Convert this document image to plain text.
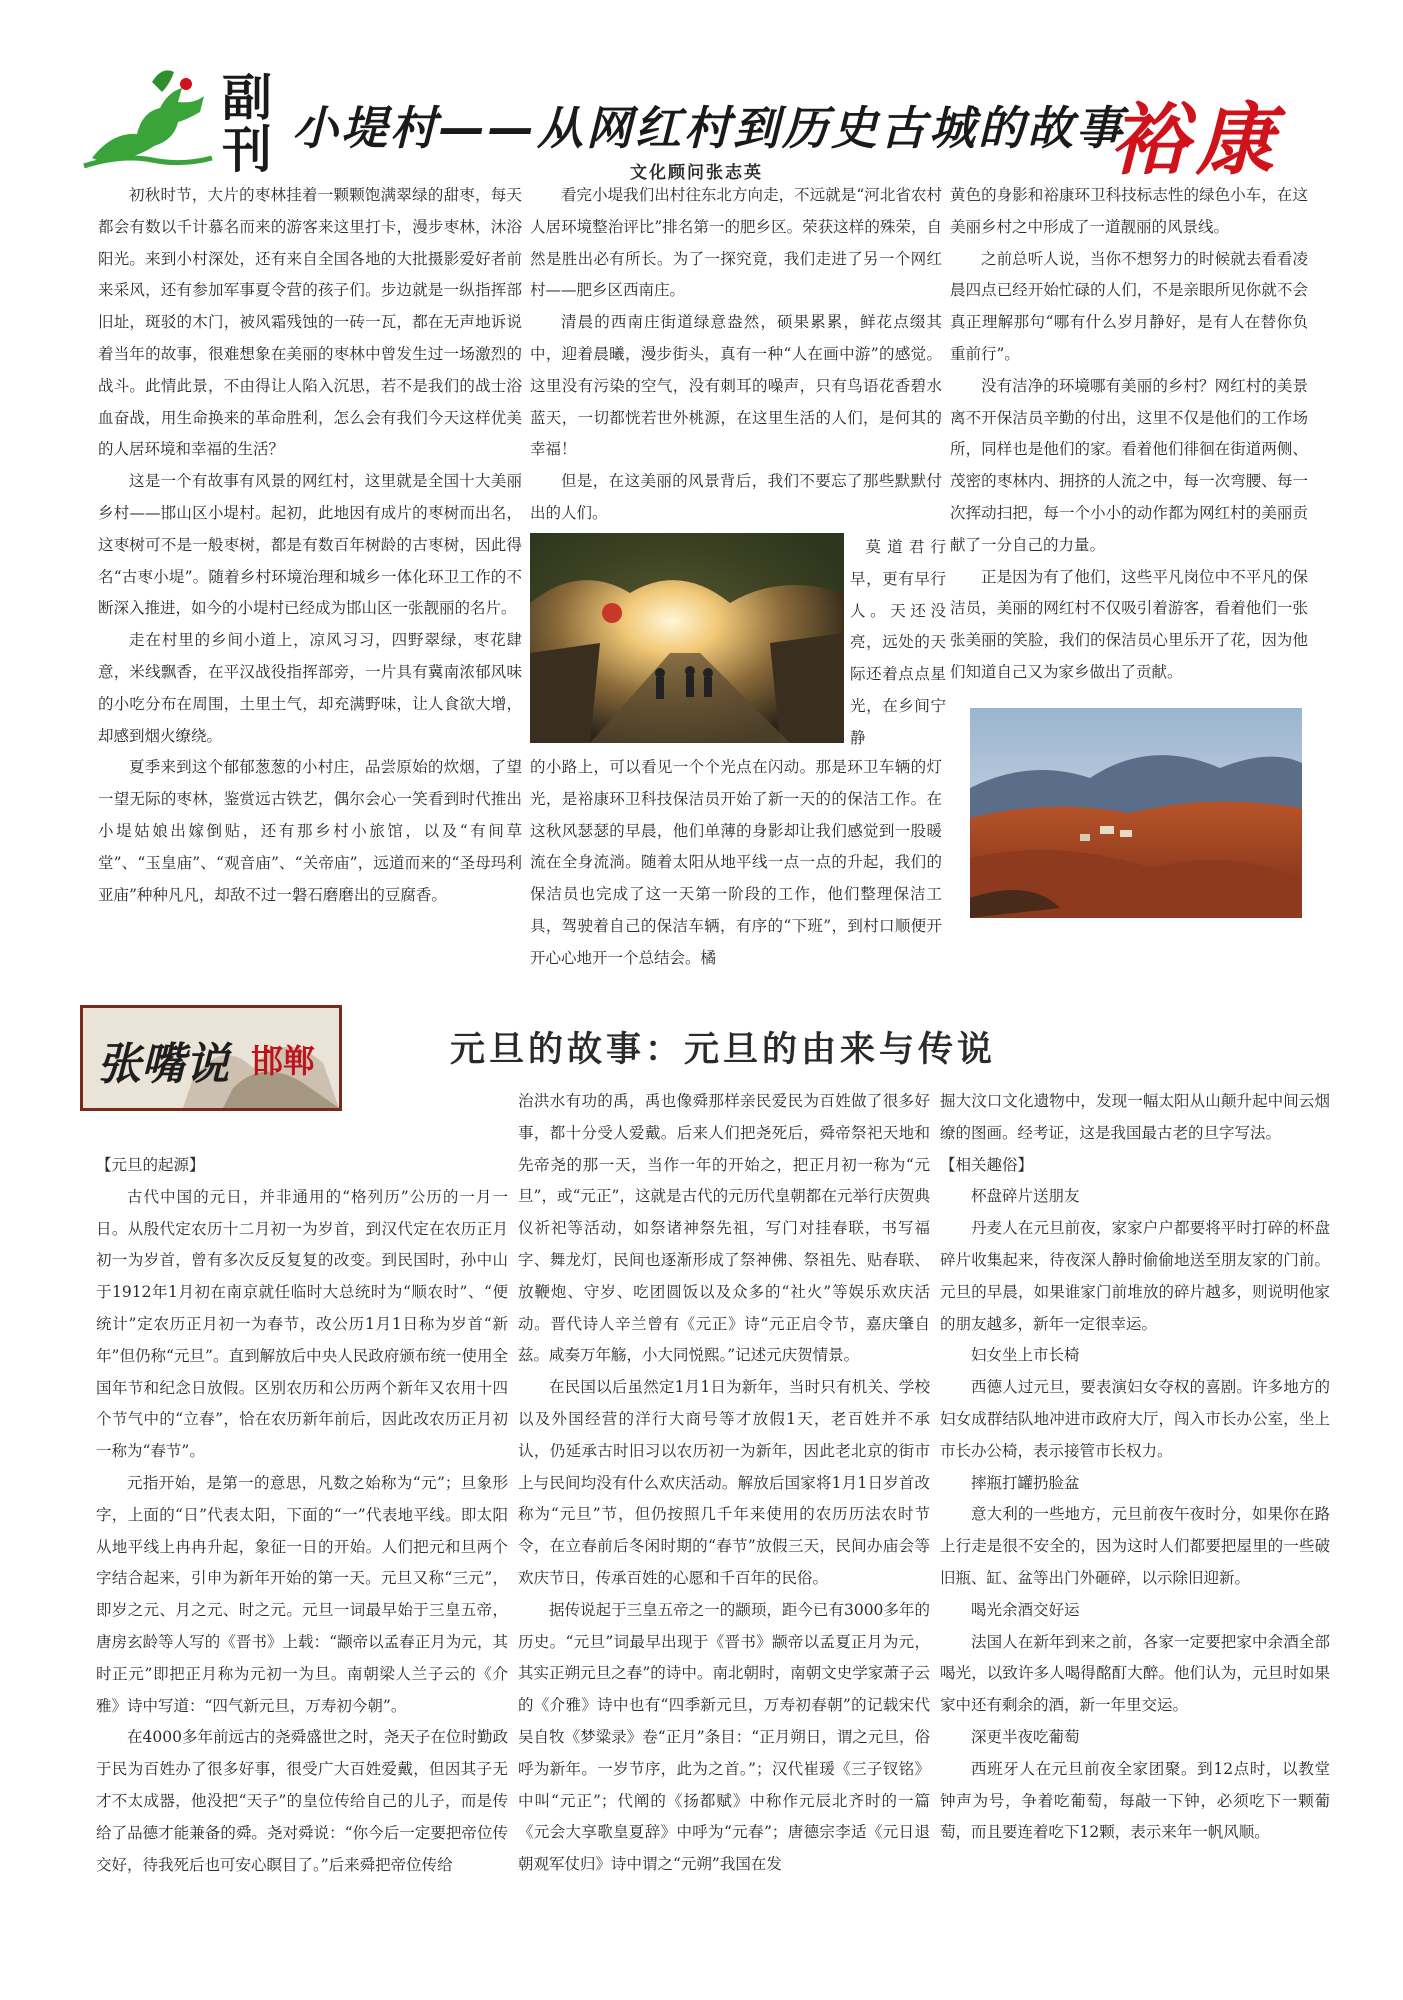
副
刊 小堤村——从网红村到历史古城的故事
裕康
文化顾问张志英

初秋时节，大片的枣林挂着一颗颗饱满翠绿的甜枣，每天都会有数以千计慕名而来的游客来这里打卡，漫步枣林，沐浴阳光。来到小村深处，还有来自全国各地的大批摄影爱好者前来采风，还有参加军事夏令营的孩子们。步边就是一纵指挥部旧址，斑驳的木门，被风霜残蚀的一砖一瓦，都在无声地诉说着当年的故事，很难想象在美丽的枣林中曾发生过一场激烈的战斗。此情此景，不由得让人陷入沉思，若不是我们的战士浴血奋战，用生命换来的革命胜利，怎么会有我们今天这样优美的人居环境和幸福的生活？

这是一个有故事有风景的网红村，这里就是全国十大美丽乡村——邯山区小堤村。起初，此地因有成片的枣树而出名，这枣树可不是一般枣树，都是有数百年树龄的古枣树，因此得名“古枣小堤”。随着乡村环境治理和城乡一体化环卫工作的不断深入推进，如今的小堤村已经成为邯山区一张靓丽的名片。

走在村里的乡间小道上，凉风习习，四野翠绿，枣花肆意，米线飘香，在平汉战役指挥部旁，一片具有冀南浓郁风味的小吃分布在周围，土里土气，却充满野味，让人食欲大增，却感到烟火缭绕。

夏季来到这个郁郁葱葱的小村庄，品尝原始的炊烟，了望一望无际的枣林，鉴赏远古铁艺，偶尔会心一笑看到时代推出小堤姑娘出嫁倒贴，还有那乡村小旅馆，以及“有间草堂”、“玉皇庙”、“观音庙”、“关帝庙”，远道而来的“圣母玛利亚庙”种种凡凡，却敌不过一磐石磨磨出的豆腐香。

看完小堤我们出村往东北方向走，不远就是“河北省农村人居环境整治评比”排名第一的肥乡区。荣获这样的殊荣，自然是胜出必有所长。为了一探究竟，我们走进了另一个网红村——肥乡区西南庄。

清晨的西南庄街道绿意盎然，硕果累累，鲜花点缀其中，迎着晨曦，漫步街头，真有一种“人在画中游”的感觉。这里没有污染的空气，没有刺耳的噪声，只有鸟语花香碧水蓝天，一切都恍若世外桃源，在这里生活的人们，是何其的幸福！

但是，在这美丽的风景背后，我们不要忘了那些默默付出的人们。

莫道君行早，更有早行人。天还没亮，远处的天际还着点点星光，在乡间宁静

的小路上，可以看见一个个光点在闪动。那是环卫车辆的灯光，是裕康环卫科技保洁员开始了新一天的的保洁工作。在这秋风瑟瑟的早晨，他们单薄的身影却让我们感觉到一股暖流在全身流淌。随着太阳从地平线一点一点的升起，我们的保洁员也完成了这一天第一阶段的工作，他们整理保洁工具，驾驶着自己的保洁车辆，有序的“下班”，到村口顺便开开心心地开一个总结会。橘

黄色的身影和裕康环卫科技标志性的绿色小车，在这美丽乡村之中形成了一道靓丽的风景线。

之前总听人说，当你不想努力的时候就去看看凌晨四点已经开始忙碌的人们，不是亲眼所见你就不会真正理解那句“哪有什么岁月静好，是有人在替你负重前行”。

没有洁净的环境哪有美丽的乡村？网红村的美景离不开保洁员辛勤的付出，这里不仅是他们的工作场所，同样也是他们的家。看着他们徘徊在街道两侧、茂密的枣林内、拥挤的人流之中，每一次弯腰、每一次挥动扫把，每一个小小的动作都为网红村的美丽贡献了一分自己的力量。

正是因为有了他们，这些平凡岗位中不平凡的保洁员，美丽的网红村不仅吸引着游客，看着他们一张张美丽的笑脸，我们的保洁员心里乐开了花，因为他们知道自己又为家乡做出了贡献。

张嘴说 邯郸	元旦的故事：元旦的由来与传说

【元旦的起源】

古代中国的元日，并非通用的“格列历”公历的一月一日。从殷代定农历十二月初一为岁首，到汉代定在农历正月初一为岁首，曾有多次反反复复的改变。到民国时，孙中山于1912年1月初在南京就任临时大总统时为“顺农时”、“便统计”定农历正月初一为春节，改公历1月1日称为岁首“新年”但仍称“元旦”。直到解放后中央人民政府颁布统一使用全国年节和纪念日放假。区别农历和公历两个新年又农用十四个节气中的“立春”，恰在农历新年前后，因此改农历正月初一称为“春节”。

元指开始，是第一的意思，凡数之始称为“元”；旦象形字，上面的“日”代表太阳，下面的“一”代表地平线。即太阳从地平线上冉冉升起，象征一日的开始。人们把元和旦两个字结合起来，引申为新年开始的第一天。元旦又称“三元”，即岁之元、月之元、时之元。元旦一词最早始于三皇五帝，唐房玄龄等人写的《晋书》上载：“颛帝以孟春正月为元，其时正元”即把正月称为元初一为旦。南朝梁人兰子云的《介雅》诗中写道：“四气新元旦，万寿初今朝”。

在4000多年前远古的尧舜盛世之时，尧天子在位时勤政于民为百姓办了很多好事，很受广大百姓爱戴，但因其子无才不太成器，他没把“天子”的皇位传给自己的儿子，而是传给了品德才能兼备的舜。尧对舜说：“你今后一定要把帝位传交好，待我死后也可安心瞑目了。”后来舜把帝位传给

治洪水有功的禹，禹也像舜那样亲民爱民为百姓做了很多好事，都十分受人爱戴。后来人们把尧死后，舜帝祭祀天地和先帝尧的那一天，当作一年的开始之，把正月初一称为“元旦”，或“元正”，这就是古代的元历代皇朝都在元举行庆贺典仪祈祀等活动，如祭诸神祭先祖，写门对挂春联，书写福字、舞龙灯，民间也逐渐形成了祭神佛、祭祖先、贴春联、放鞭炮、守岁、吃团圆饭以及众多的“社火”等娱乐欢庆活动。晋代诗人辛兰曾有《元正》诗“元正启令节，嘉庆肇自兹。咸奏万年觞，小大同悦熙。”记述元庆贺情景。

在民国以后虽然定1月1日为新年，当时只有机关、学校以及外国经营的洋行大商号等才放假1天，老百姓并不承认，仍延承古时旧习以农历初一为新年，因此老北京的街市上与民间均没有什么欢庆活动。解放后国家将1月1日岁首改称为“元旦”节，但仍按照几千年来使用的农历历法农时节令，在立春前后冬闲时期的“春节”放假三天，民间办庙会等欢庆节日，传承百姓的心愿和千百年的民俗。

据传说起于三皇五帝之一的颛顼，距今已有3000多年的历史。“元旦”词最早出现于《晋书》颛帝以孟夏正月为元，其实正朔元旦之春”的诗中。南北朝时，南朝文史学家萧子云的《介雅》诗中也有“四季新元旦，万寿初春朝”的记载宋代吴自牧《梦粱录》卷“正月”条目：“正月朔日，谓之元旦，俗呼为新年。一岁节序，此为之首。”；汉代崔瑗《三子钗铭》中叫“元正”；代阐的《扬都赋》中称作元辰北齐时的一篇《元会大享歌皇夏辞》中呼为“元春”；唐德宗李适《元日退朝观军仗归》诗中谓之“元朔”我国在发

掘大汶口文化遗物中，发现一幅太阳从山颠升起中间云烟缭的图画。经考证，这是我国最古老的旦字写法。

【相关趣俗】

杯盘碎片送朋友

丹麦人在元旦前夜，家家户户都要将平时打碎的杯盘碎片收集起来，待夜深人静时偷偷地送至朋友家的门前。元旦的早晨，如果谁家门前堆放的碎片越多，则说明他家的朋友越多，新年一定很幸运。

妇女坐上市长椅

西德人过元旦，要表演妇女夺权的喜剧。许多地方的妇女成群结队地冲进市政府大厅，闯入市长办公室，坐上市长办公椅，表示接管市长权力。

摔瓶打罐扔脸盆

意大利的一些地方，元旦前夜午夜时分，如果你在路上行走是很不安全的，因为这时人们都要把屋里的一些破旧瓶、缸、盆等出门外砸碎，以示除旧迎新。

喝光余酒交好运

法国人在新年到来之前，各家一定要把家中余酒全部喝光，以致许多人喝得酩酊大醉。他们认为，元旦时如果家中还有剩余的酒，新一年里交运。

深更半夜吃葡萄

西班牙人在元旦前夜全家团聚。到12点时，以教堂钟声为号，争着吃葡萄，每敲一下钟，必须吃下一颗葡萄，而且要连着吃下12颗，表示来年一帆风顺。
